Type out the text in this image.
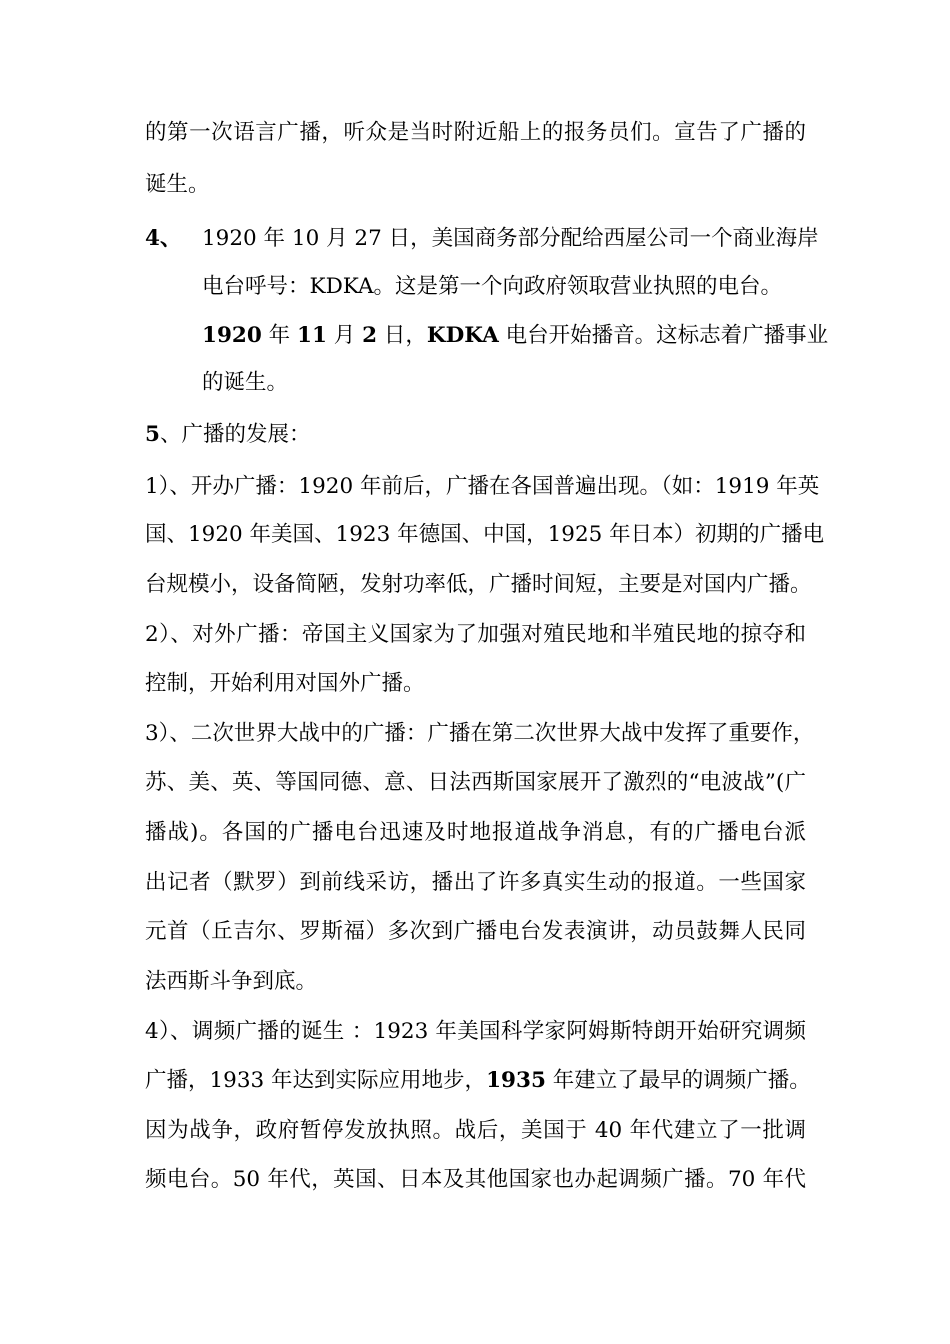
的第一次语言广播，听众是当时附近船上的报务员们。宣告了广播的
诞生。
4、 1920 年 10 月 27 日，美国商务部分配给西屋公司一个商业海岸
电台呼号：KDKA。这是第一个向政府领取营业执照的电台。
1920 年 11 月 2 日，KDKA 电台开始播音。这标志着广播事业
的诞生。
5、广播的发展：
1）、开办广播：1920 年前后，广播在各国普遍出现。（如：1919 年英
国、1920 年美国、1923 年德国、中国，1925 年日本）初期的广播电
台规模小，设备简陋，发射功率低，广播时间短，主要是对国内广播。
2）、对外广播：帝国主义国家为了加强对殖民地和半殖民地的掠夺和
控制，开始利用对国外广播。
3）、二次世界大战中的广播：广播在第二次世界大战中发挥了重要作，
苏、美、英、等国同德、意、日法西斯国家展开了激烈的“电波战”(广
播战)。各国的广播电台迅速及时地报道战争消息，有的广播电台派
出记者（默罗）到前线采访，播出了许多真实生动的报道。一些国家
元首（丘吉尔、罗斯福）多次到广播电台发表演讲，动员鼓舞人民同
法西斯斗争到底。
4）、调频广播的诞生 ：1923 年美国科学家阿姆斯特朗开始研究调频
广播，1933 年达到实际应用地步，1935 年建立了最早的调频广播。
因为战争，政府暂停发放执照。战后，美国于 40 年代建立了一批调
频电台。50 年代，英国、日本及其他国家也办起调频广播。70 年代
